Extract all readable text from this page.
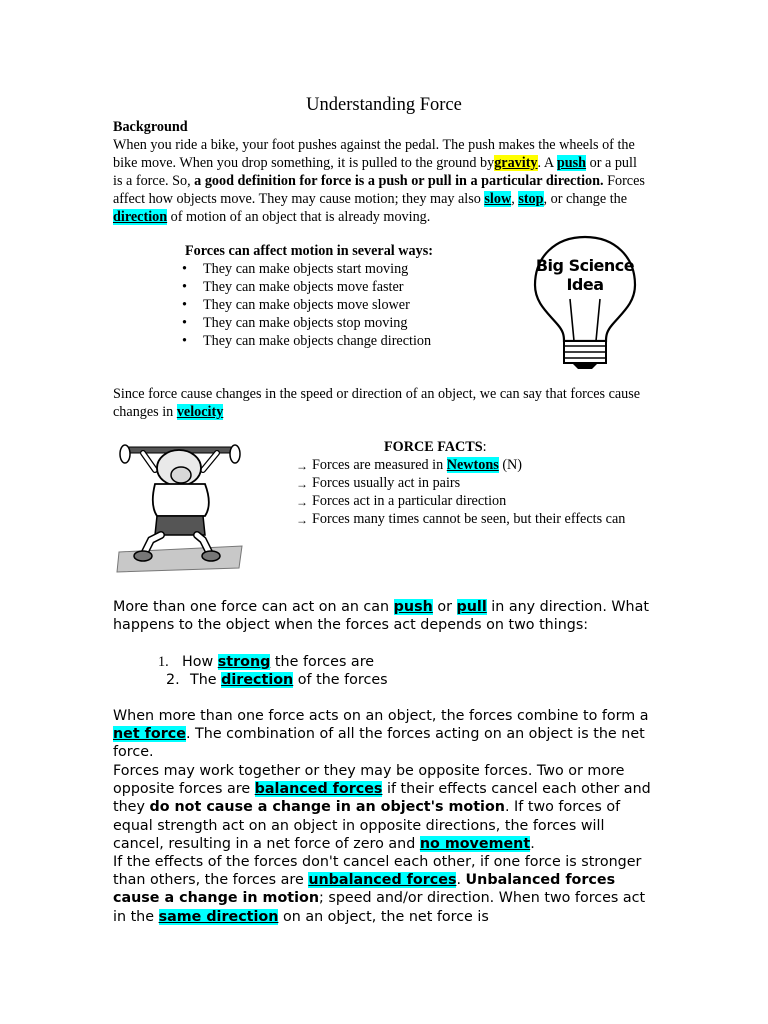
Understanding Force
Background
When you ride a bike, your foot pushes against the pedal. The push makes the wheels of the bike move. When you drop something, it is pulled to the ground bygravity. A push or a pull is a force. So, a good definition for force is a push or pull in a particular direction. Forces affect how objects move. They may cause motion; they may also slow, stop, or change the direction of motion of an object that is already moving.
Forces can affect motion in several ways:
• They can make objects start moving
• They can make objects move faster
• They can make objects move slower
• They can make objects stop moving
• They can make objects change direction
Big Science
Idea
Since force cause changes in the speed or direction of an object, we can say that forces cause changes in velocity
FORCE FACTS:
→ Forces are measured in Newtons (N)
→ Forces usually act in pairs
→ Forces act in a particular direction
→ Forces many times cannot be seen, but their effects can
More than one force can act on an can push or pull in any direction. What happens to the object when the forces act depends on two things:
1. How strong the forces are
2. The direction of the forces
When more than one force acts on an object, the forces combine to form a net force. The combination of all the forces acting on an object is the net force.
Forces may work together or they may be opposite forces. Two or more opposite forces are balanced forces if their effects cancel each other and they do not cause a change in an object's motion. If two forces of equal strength act on an object in opposite directions, the forces will cancel, resulting in a net force of zero and no movement.
If the effects of the forces don't cancel each other, if one force is stronger than others, the forces are unbalanced forces. Unbalanced forces cause a change in motion; speed and/or direction. When two forces act in the same direction on an object, the net force is
